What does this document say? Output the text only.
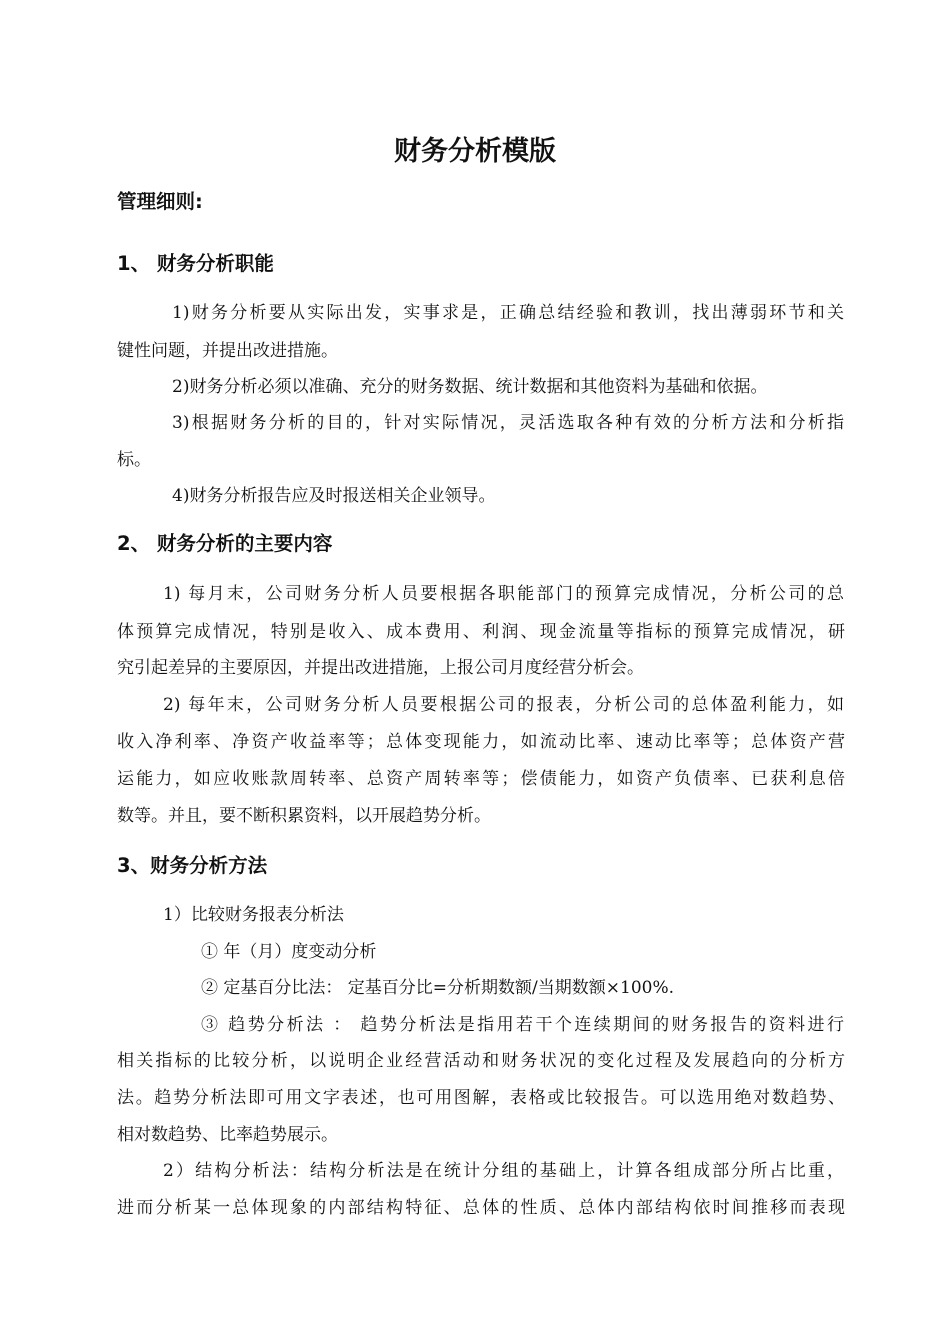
财务分析模版
管理细则:
1、 财务分析职能
1)财务分析要从实际出发，实事求是，正确总结经验和教训，找出薄弱环节和关
键性问题，并提出改进措施。
2)财务分析必须以准确、充分的财务数据、统计数据和其他资料为基础和依据。
3)根据财务分析的目的，针对实际情况，灵活选取各种有效的分析方法和分析指
标。
4)财务分析报告应及时报送相关企业领导。
2、 财务分析的主要内容
1) 每月末，公司财务分析人员要根据各职能部门的预算完成情况，分析公司的总
体预算完成情况，特别是收入、成本费用、利润、现金流量等指标的预算完成情况，研
究引起差异的主要原因，并提出改进措施，上报公司月度经营分析会。
2) 每年末，公司财务分析人员要根据公司的报表，分析公司的总体盈利能力，如
收入净利率、净资产收益率等；总体变现能力，如流动比率、速动比率等；总体资产营
运能力，如应收账款周转率、总资产周转率等；偿债能力，如资产负债率、已获利息倍
数等。并且，要不断积累资料，以开展趋势分析。
3、财务分析方法
1）比较财务报表分析法
① 年（月）度变动分析
② 定基百分比法： 定基百分比=分析期数额/当期数额×100%.
③ 趋势分析法 ： 趋势分析法是指用若干个连续期间的财务报告的资料进行
相关指标的比较分析，以说明企业经营活动和财务状况的变化过程及发展趋向的分析方
法。趋势分析法即可用文字表述，也可用图解，表格或比较报告。可以选用绝对数趋势、
相对数趋势、比率趋势展示。
2）结构分析法：结构分析法是在统计分组的基础上，计算各组成部分所占比重，
进而分析某一总体现象的内部结构特征、总体的性质、总体内部结构依时间推移而表现
